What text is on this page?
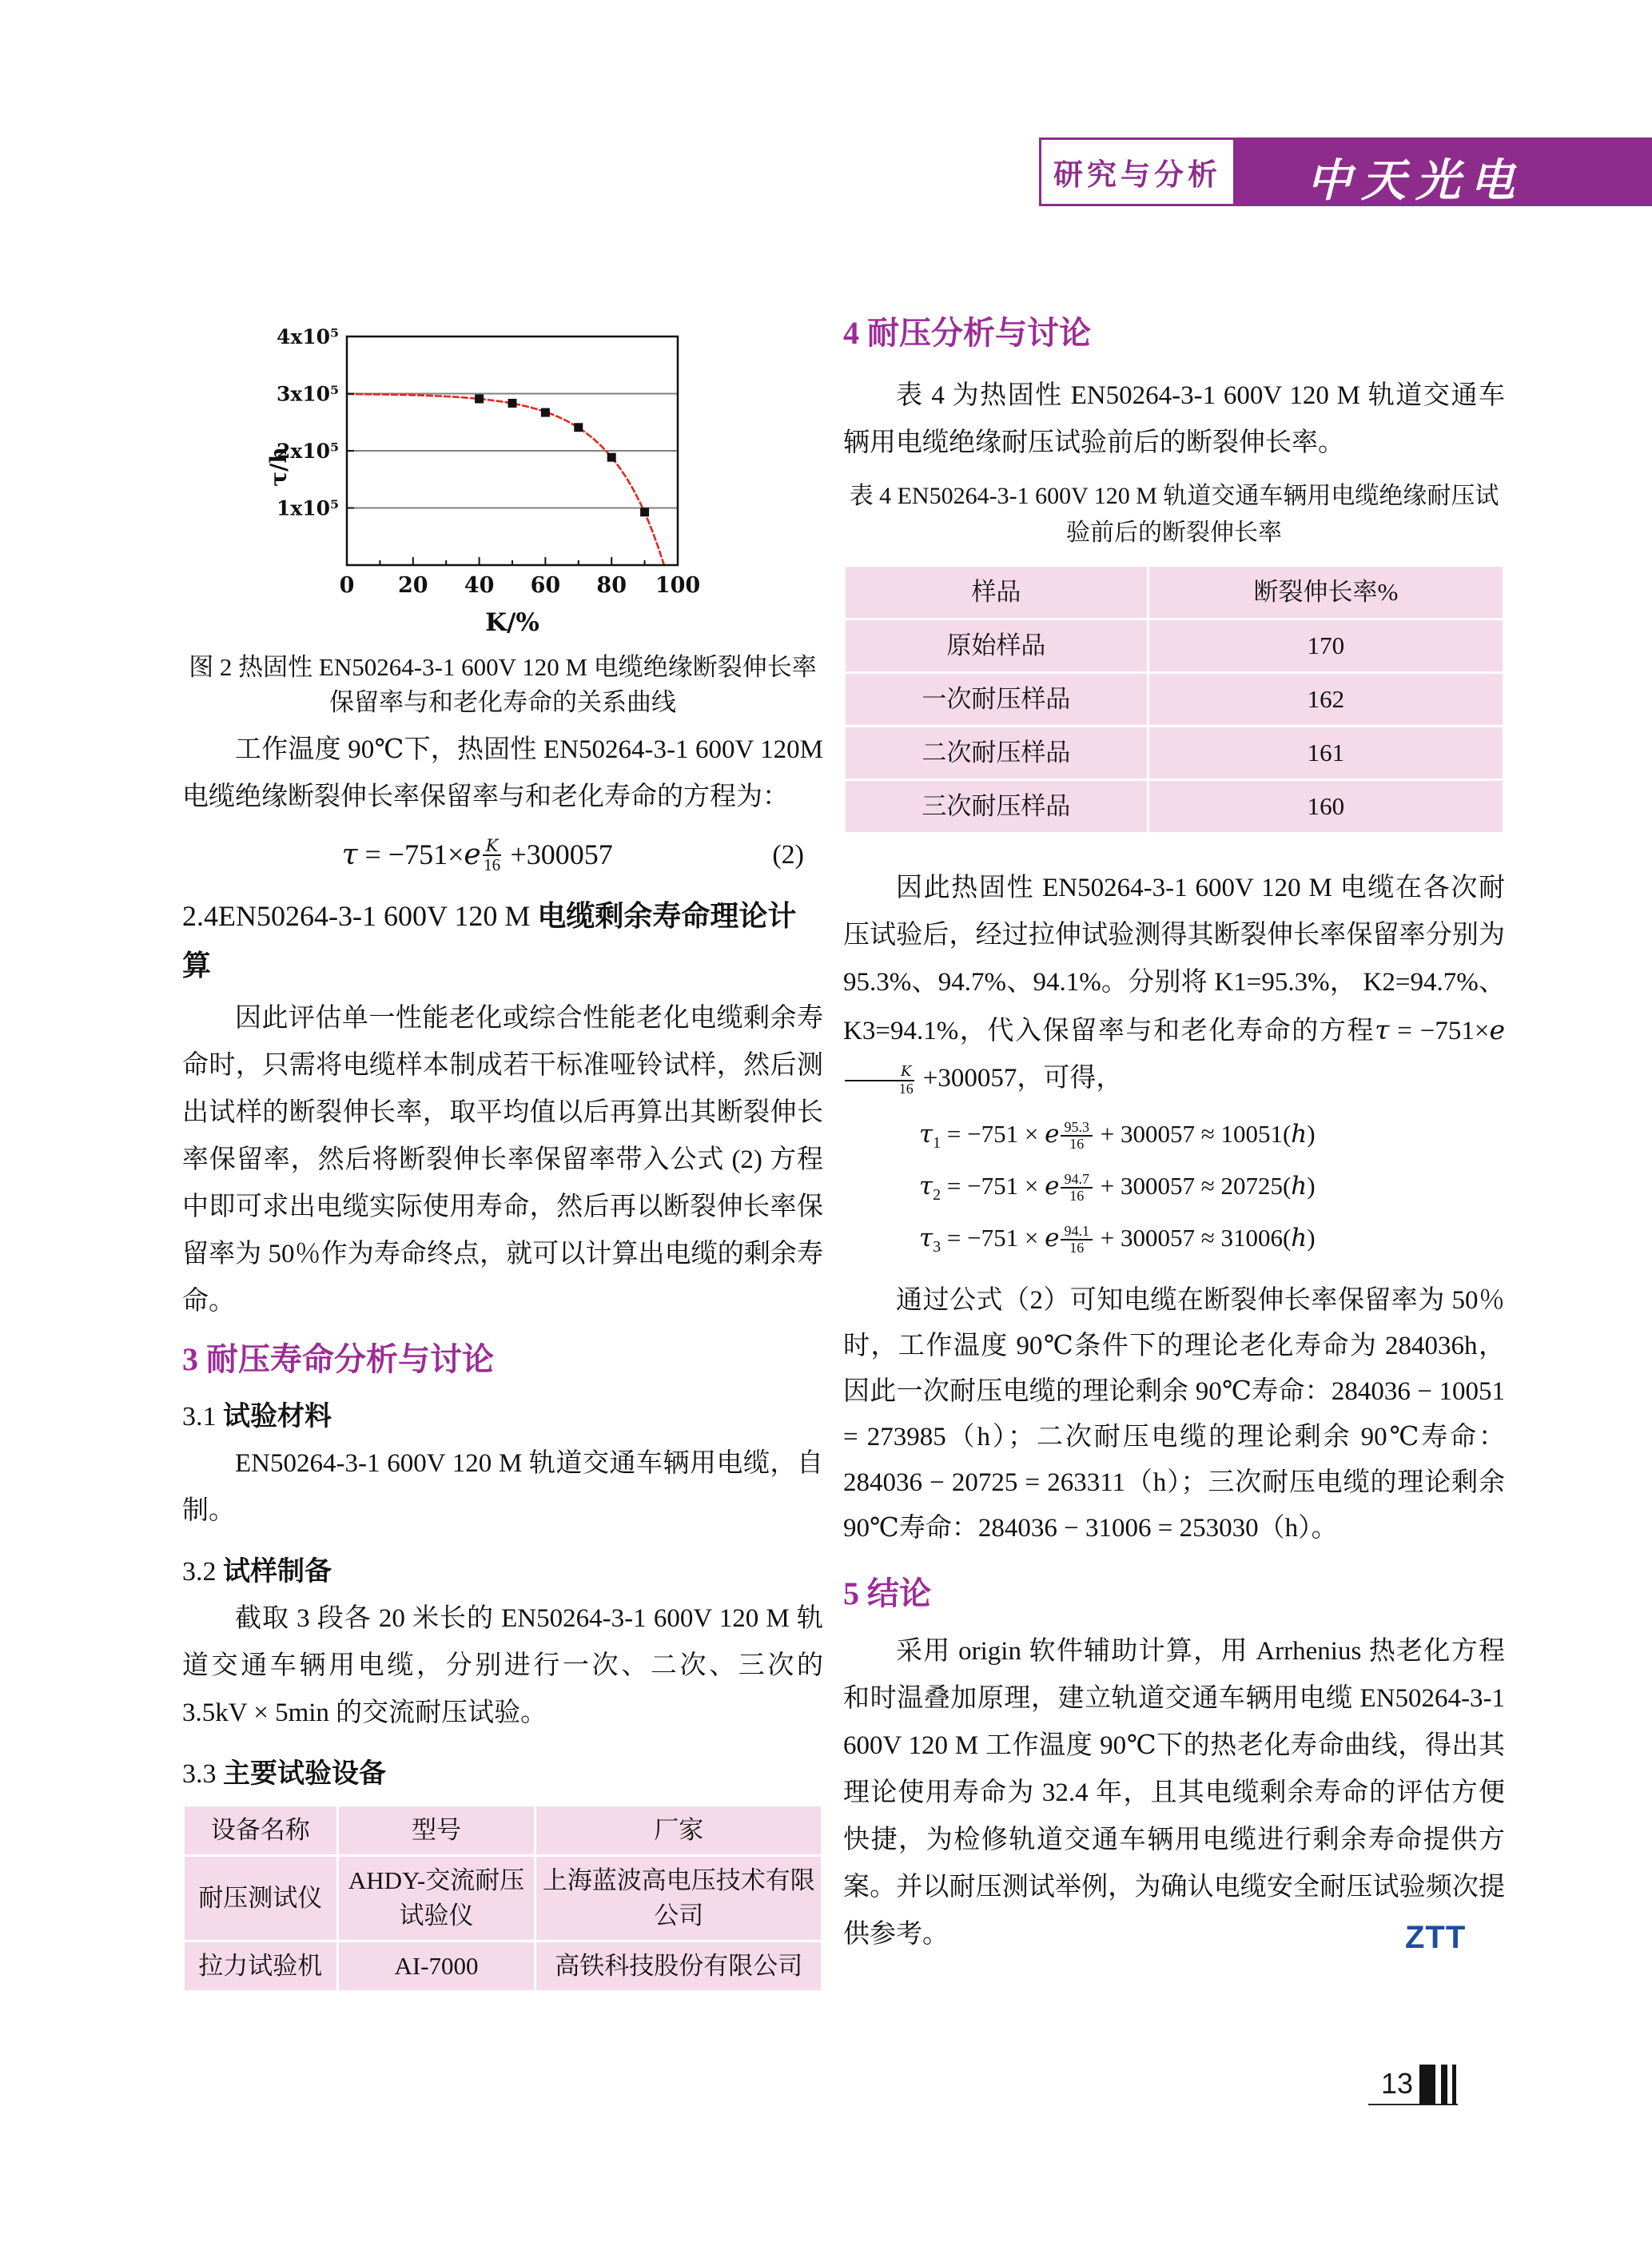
研究与分析 中天光电
0 20 40 60 80 100
1x10⁵
2x10⁵
3x10⁵
4x10⁵
τ/h
K/%

图 2 热固性 EN50264-3-1 600V 120 M 电缆绝缘断裂伸长率保留率与和老化寿命的关系曲线

工作温度 90℃下，热固性 EN50264-3-1 600V 120M 电缆绝缘断裂伸长率保留率与和老化寿命的方程为：

$\tau = -751\times e \frac{K}{16} +300057$	(2)

2.4EN50264-3-1 600V 120 M 电缆剩余寿命理论计算

因此评估单一性能老化或综合性能老化电缆剩余寿命时，只需将电缆样本制成若干标准哑铃试样，然后测出试样的断裂伸长率，取平均值以后再算出其断裂伸长率保留率，然后将断裂伸长率保留率带入公式 (2) 方程中即可求出电缆实际使用寿命，然后再以断裂伸长率保留率为 50％作为寿命终点，就可以计算出电缆的剩余寿命。

3 耐压寿命分析与讨论

3.1 试验材料

EN50264-3-1 600V 120 M 轨道交通车辆用电缆，自制。

3.2 试样制备

截取 3 段各 20 米长的 EN50264-3-1 600V 120 M 轨道交通车辆用电缆，分别进行一次、二次、三次的 3.5kV × 5min 的交流耐压试验。

3.3 主要试验设备

设备名称	型号	厂家
耐压测试仪	AHDY-交流耐压试验仪	上海蓝波高电压技术有限公司
拉力试验机	AI-7000	高铁科技股份有限公司

4 耐压分析与讨论

表 4 为热固性 EN50264-3-1 600V 120 M 轨道交通车辆用电缆绝缘耐压试验前后的断裂伸长率。

表 4 EN50264-3-1 600V 120 M 轨道交通车辆用电缆绝缘耐压试验前后的断裂伸长率

样品	断裂伸长率%
原始样品	170
一次耐压样品	162
二次耐压样品	161
三次耐压样品	160

因此热固性 EN50264-3-1 600V 120 M 电缆在各次耐压试验后，经过拉伸试验测得其断裂伸长率保留率分别为 95.3%、94.7%、94.1%。分别将 K1=95.3%， K2=94.7%、K3=94.1%，代入保留率与和老化寿命的方程τ = −751×e
$\frac{K}{16} +300057$，可得，

$\tau_1 = -751 \times e \frac{95.3}{16} + 300057 \approx 10051(h)$

$\tau_2 = -751 \times e \frac{94.7}{16} + 300057 \approx 20725(h)$

$\tau_3 = -751 \times e \frac{94.1}{16} + 300057 \approx 31006(h)$

通过公式（2）可知电缆在断裂伸长率保留率为 50％时，工作温度 90℃条件下的理论老化寿命为 284036h，因此一次耐压电缆的理论剩余 90℃寿命：284036 − 10051 = 273985（h）；二次耐压电缆的理论剩余 90℃寿命：284036 − 20725 = 263311（h）；三次耐压电缆的理论剩余 90℃寿命：284036 − 31006 = 253030（h）。

5 结论

采用 origin 软件辅助计算，用 Arrhenius 热老化方程和时温叠加原理，建立轨道交通车辆用电缆 EN50264-3-1 600V 120 M 工作温度 90℃下的热老化寿命曲线，得出其理论使用寿命为 32.4 年，且其电缆剩余寿命的评估方便快捷，为检修轨道交通车辆用电缆进行剩余寿命提供方案。并以耐压测试举例，为确认电缆安全耐压试验频次提供参考。	ZTT
13
